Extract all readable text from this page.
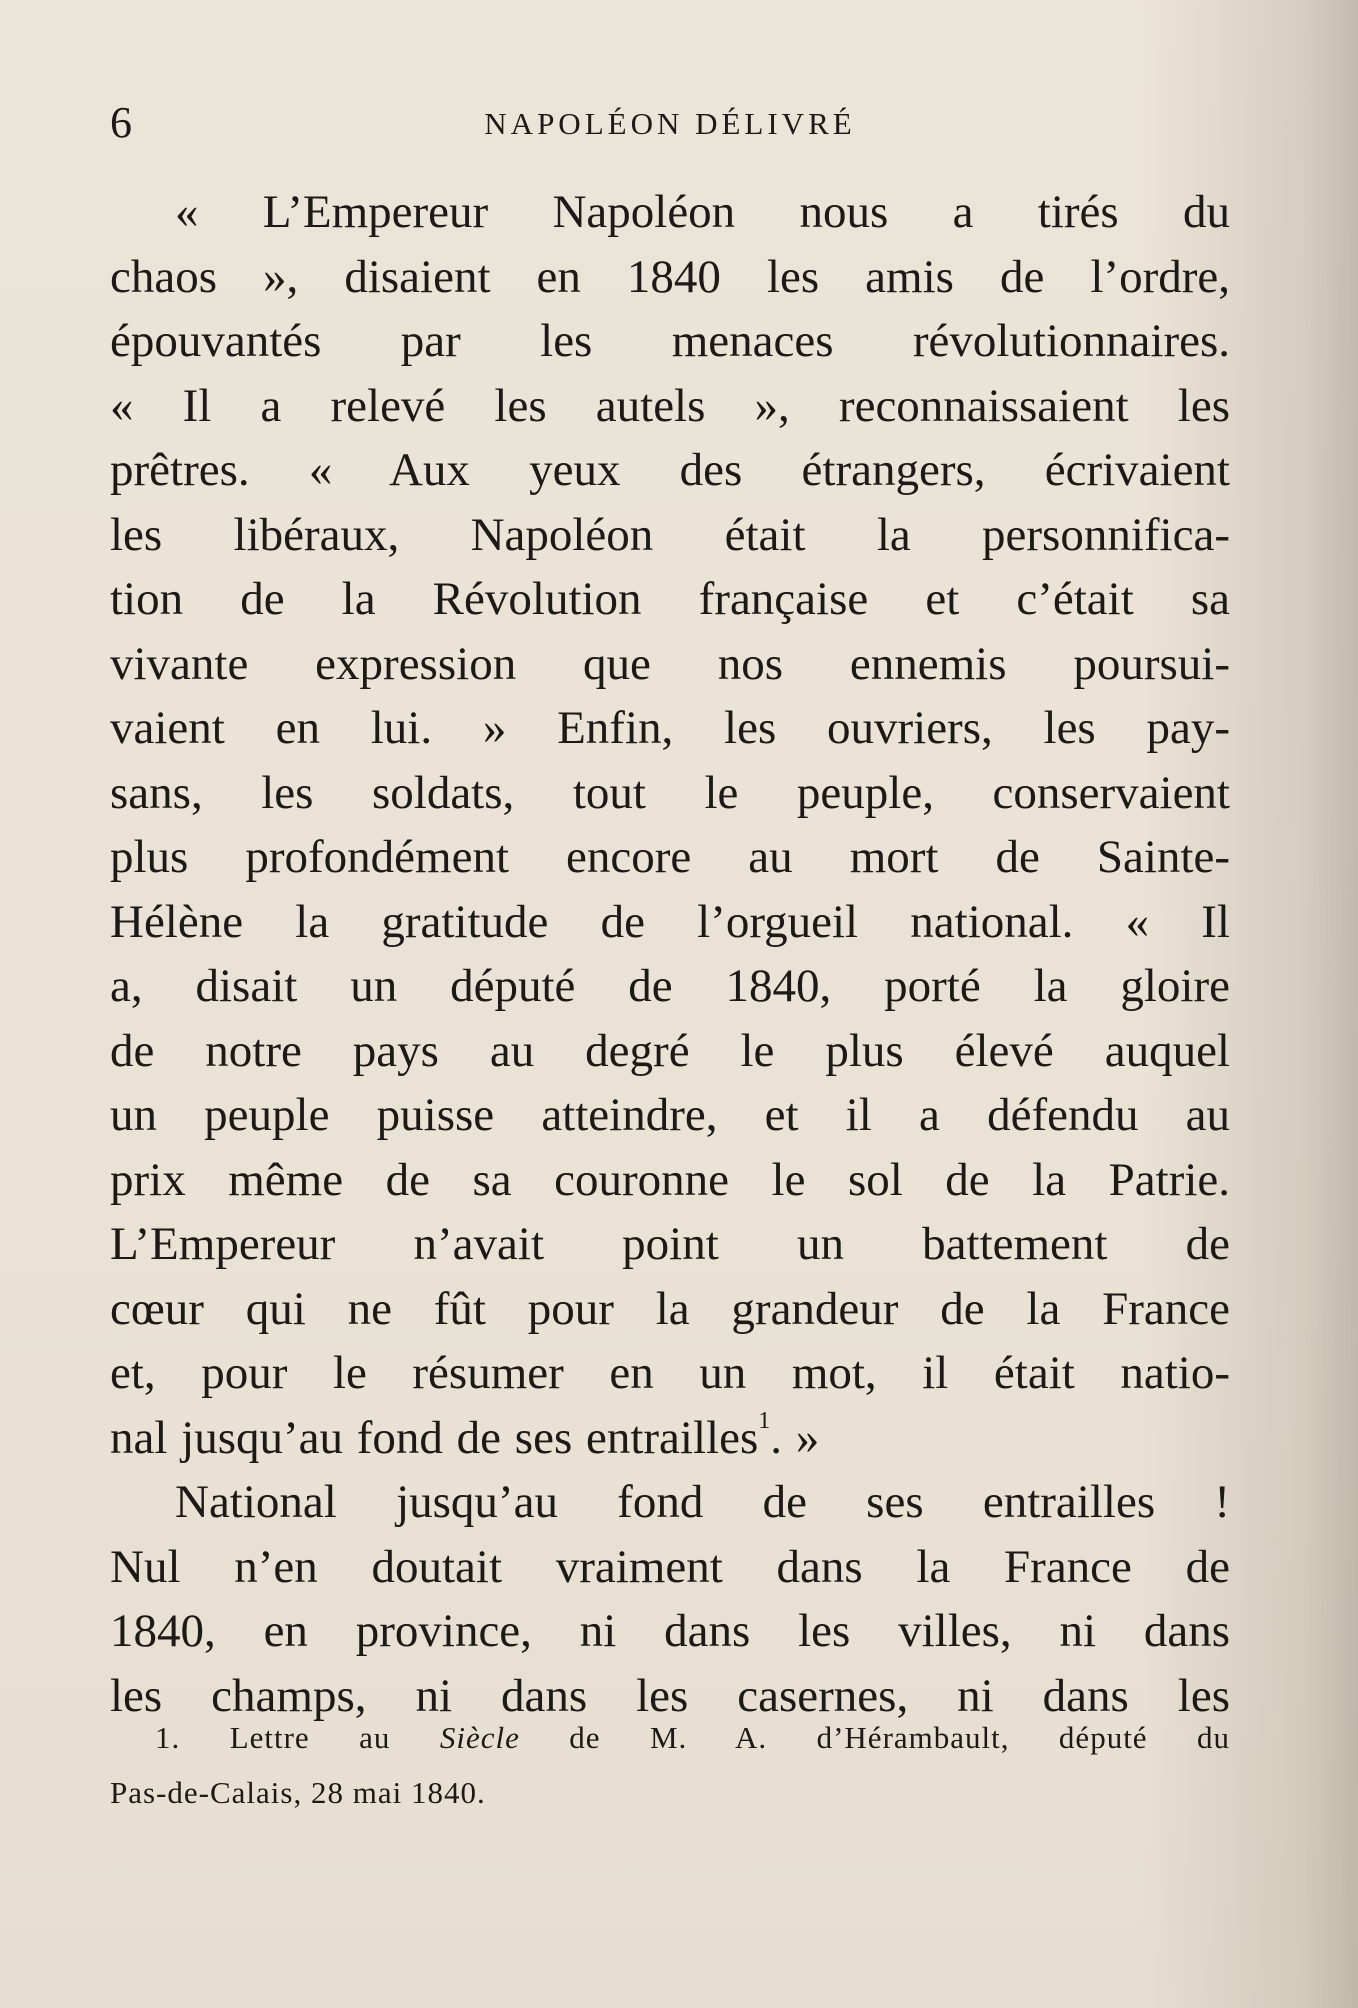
6	NAPOLÉON DÉLIVRÉ
« L’Empereur Napoléon nous a tirés du
chaos », disaient en 1840 les amis de l’ordre,
épouvantés par les menaces révolutionnaires.
« Il a relevé les autels », reconnaissaient les
prêtres. « Aux yeux des étrangers, écrivaient
les libéraux, Napoléon était la personnifica-
tion de la Révolution française et c’était sa
vivante expression que nos ennemis poursui-
vaient en lui. » Enfin, les ouvriers, les pay-
sans, les soldats, tout le peuple, conservaient
plus profondément encore au mort de Sainte-
Hélène la gratitude de l’orgueil national. « Il
a, disait un député de 1840, porté la gloire
de notre pays au degré le plus élevé auquel
un peuple puisse atteindre, et il a défendu au
prix même de sa couronne le sol de la Patrie.
L’Empereur n’avait point un battement de
cœur qui ne fût pour la grandeur de la France
et, pour le résumer en un mot, il était natio-
nal jusqu’au fond de ses entrailles$^1$. »
National jusqu’au fond de ses entrailles !
Nul n’en doutait vraiment dans la France de
1840, en province, ni dans les villes, ni dans
les champs, ni dans les casernes, ni dans les
1. Lettre au Siècle de M. A. d’Hérambault, député du
Pas-de-Calais, 28 mai 1840.
